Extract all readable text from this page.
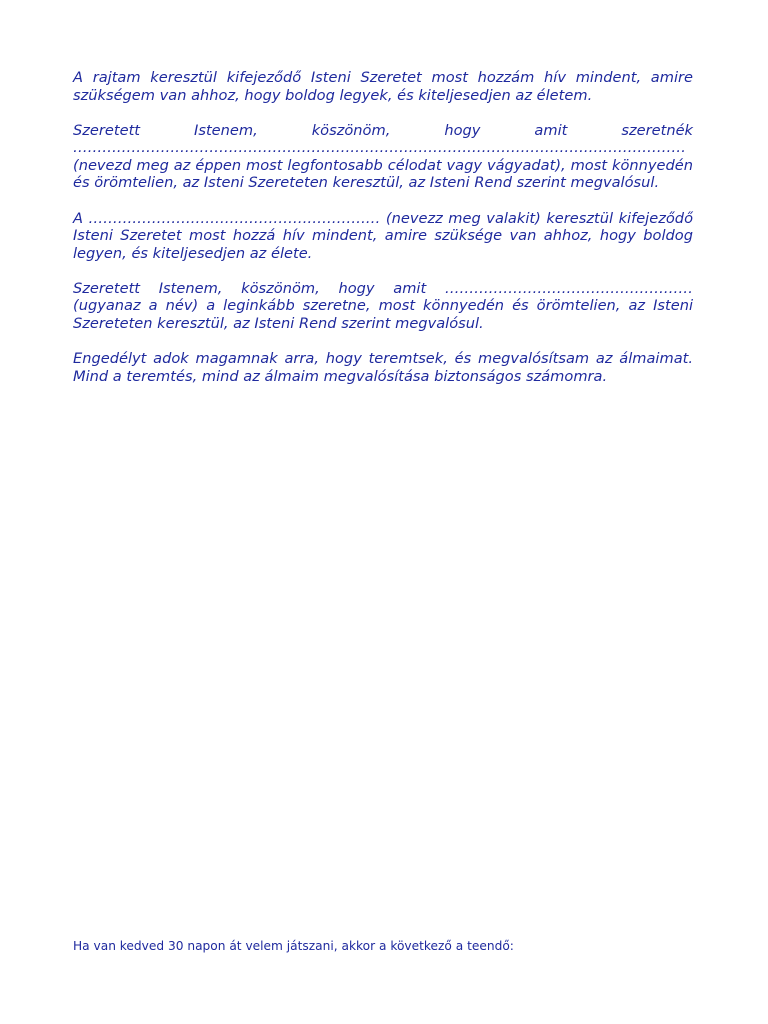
A rajtam keresztül kifejeződő Isteni Szeretet most hozzám hív mindent, amire szükségem van ahhoz, hogy boldog legyek, és kiteljesedjen az életem.

Szeretett Istenem, köszönöm, hogy amit szeretnék ………………………………………………………………………………………………………………(nevezd meg az éppen most legfontosabb célodat vagy vágyadat), most könnyedén és örömtelien, az Isteni Szereteten keresztül, az Isteni Rend szerint megvalósul.

A …………………………………………………… (nevezz meg valakit) keresztül kifejeződő Isteni Szeretet most hozzá hív mindent, amire szüksége van ahhoz, hogy boldog legyen, és kiteljesedjen az élete.

Szeretett Istenem, köszönöm, hogy amit …………………………………………… (ugyanaz a név) a leginkább szeretne, most könnyedén és örömtelien, az Isteni Szereteten keresztül, az Isteni Rend szerint megvalósul.

Engedélyt adok magamnak arra, hogy teremtsek, és megvalósítsam az álmaimat. Mind a teremtés, mind az álmaim megvalósítása biztonságos számomra.

Ha van kedved 30 napon át velem játszani, akkor a következő a teendő:
